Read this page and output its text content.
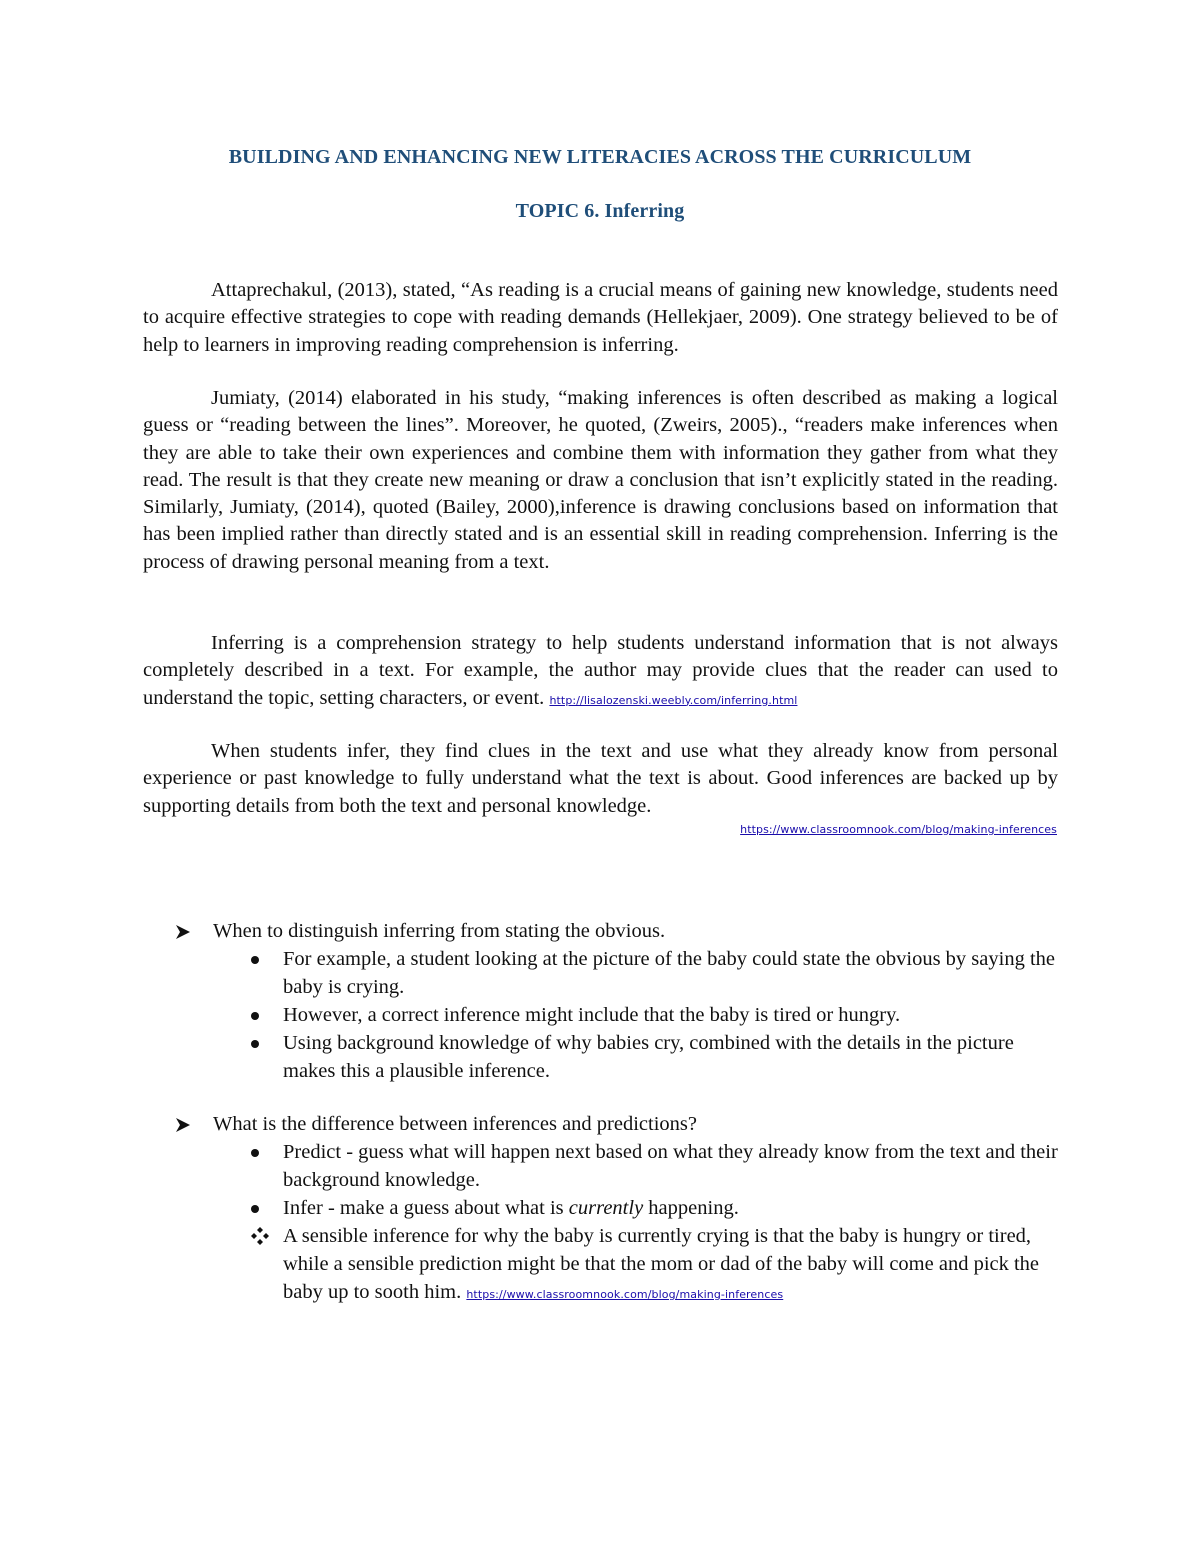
BUILDING AND ENHANCING NEW LITERACIES ACROSS THE CURRICULUM
TOPIC 6. Inferring

Attaprechakul, (2013), stated, “As reading is a crucial means of gaining new knowledge, students need to acquire effective strategies to cope with reading demands (Hellekjaer, 2009). One strategy believed to be of help to learners in improving reading comprehension is inferring.

Jumiaty, (2014) elaborated in his study, “making inferences is often described as making a logical guess or “reading between the lines”. Moreover, he quoted, (Zweirs, 2005)., “readers make inferences when they are able to take their own experiences and combine them with information they gather from what they read. The result is that they create new meaning or draw a conclusion that isn’t explicitly stated in the reading. Similarly, Jumiaty, (2014), quoted (Bailey, 2000),inference is drawing conclusions based on information that has been implied rather than directly stated and is an essential skill in reading comprehension. Inferring is the process of drawing personal meaning from a text.

Inferring is a comprehension strategy to help students understand information that is not always completely described in a text. For example, the author may provide clues that the reader can used to understand the topic, setting characters, or event. http://lisalozenski.weebly.com/inferring.html

When students infer, they find clues in the text and use what they already know from personal experience or past knowledge to fully understand what the text is about. Good inferences are backed up by supporting details from both the text and personal knowledge.

https://www.classroomnook.com/blog/making-inferences
When to distinguish inferring from stating the obvious.
For example, a student looking at the picture of the baby could state the obvious by saying the baby is crying.
However, a correct inference might include that the baby is tired or hungry.
Using background knowledge of why babies cry, combined with the details in the picture makes this a plausible inference.
What is the difference between inferences and predictions?
Predict - guess what will happen next based on what they already know from the text and their background knowledge.
Infer - make a guess about what is currently happening.
A sensible inference for why the baby is currently crying is that the baby is hungry or tired, while a sensible prediction might be that the mom or dad of the baby will come and pick the baby up to sooth him. https://www.classroomnook.com/blog/making-inferences
